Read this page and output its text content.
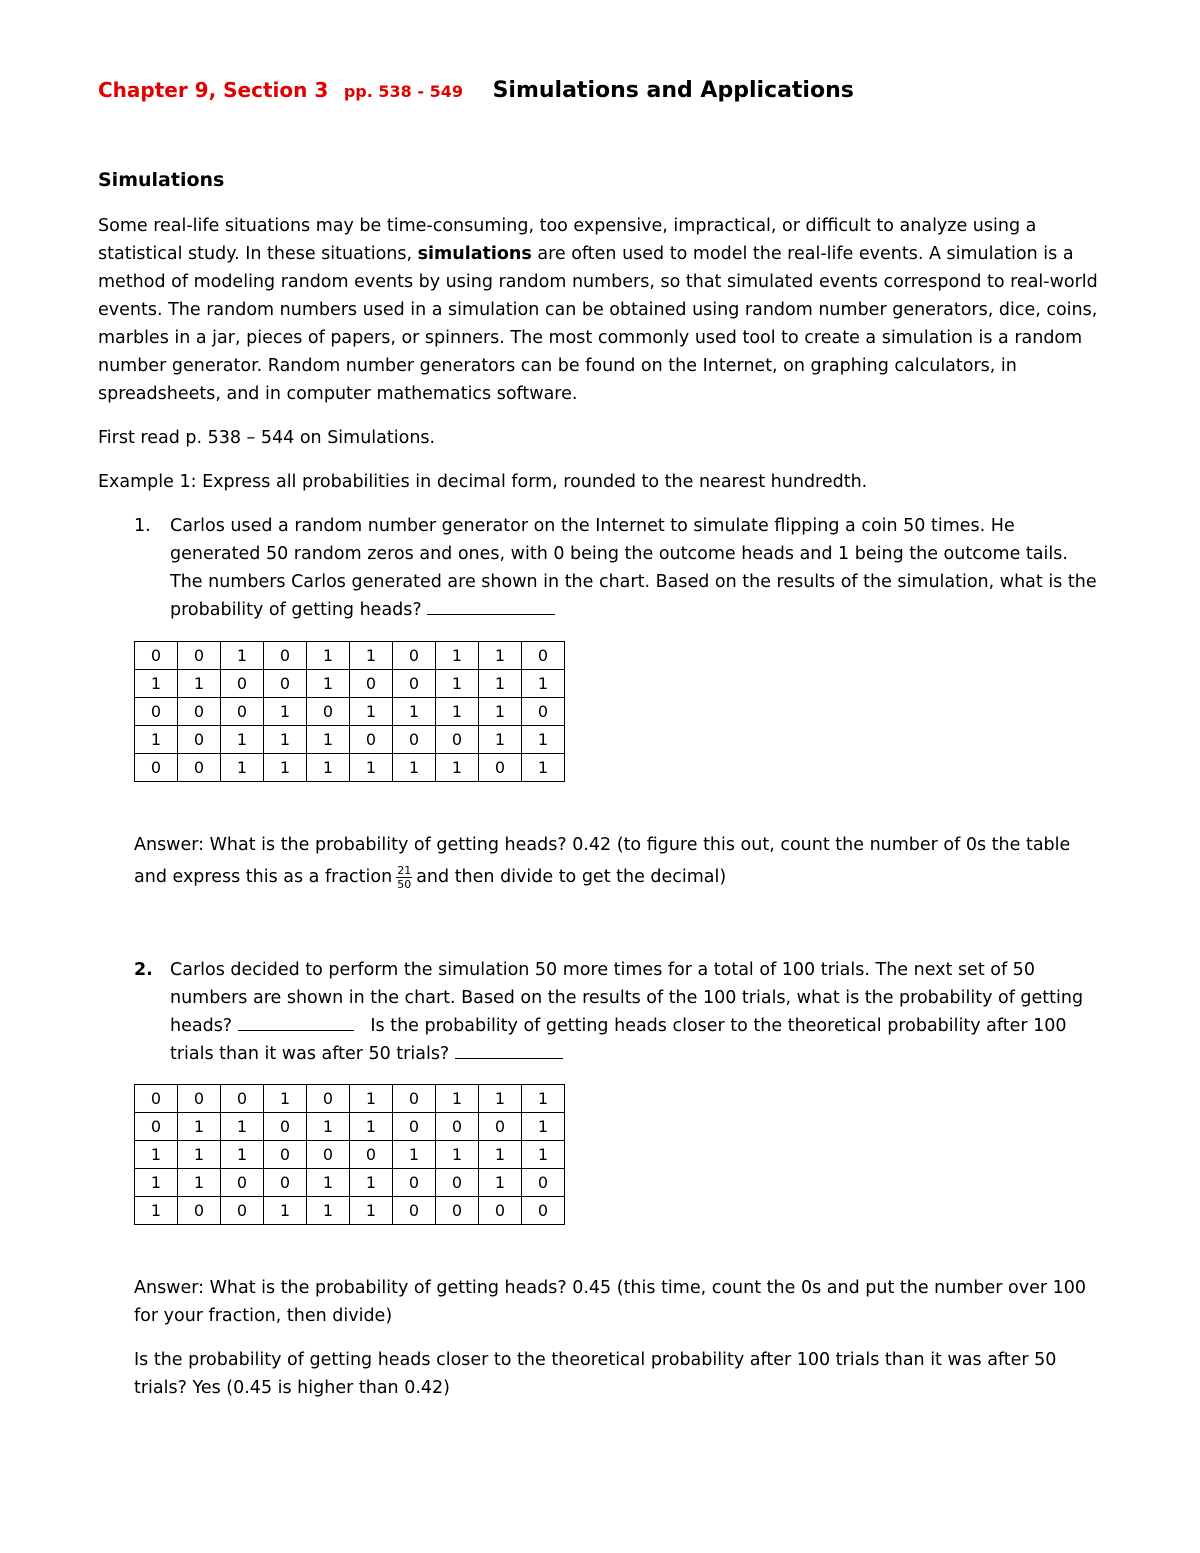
Chapter 9, Section 3 pp. 538 - 549 Simulations and Applications
Simulations
Some real-life situations may be time-consuming, too expensive, impractical, or difficult to analyze using a
statistical study. In these situations, simulations are often used to model the real-life events. A simulation is a
method of modeling random events by using random numbers, so that simulated events correspond to real-world
events. The random numbers used in a simulation can be obtained using random number generators, dice, coins,
marbles in a jar, pieces of papers, or spinners. The most commonly used tool to create a simulation is a random
number generator. Random number generators can be found on the Internet, on graphing calculators, in
spreadsheets, and in computer mathematics software.
First read p. 538 – 544 on Simulations.
Example 1: Express all probabilities in decimal form, rounded to the nearest hundredth.
1. Carlos used a random number generator on the Internet to simulate flipping a coin 50 times. He
generated 50 random zeros and ones, with 0 being the outcome heads and 1 being the outcome tails.
The numbers Carlos generated are shown in the chart. Based on the results of the simulation, what is the
probability of getting heads?
0	0	1	0	1	1	0	1	1	0
1	1	0	0	1	0	0	1	1	1
0	0	0	1	0	1	1	1	1	0
1	0	1	1	1	0	0	0	1	1
0	0	1	1	1	1	1	1	0	1
Answer: What is the probability of getting heads? 0.42 (to figure this out, count the number of 0s the table
and express this as a fraction $\frac{21}{50}$ and then divide to get the decimal)
2. Carlos decided to perform the simulation 50 more times for a total of 100 trials. The next set of 50
numbers are shown in the chart. Based on the results of the 100 trials, what is the probability of getting
heads?	Is the probability of getting heads closer to the theoretical probability after 100
trials than it was after 50 trials?
0	0	0	1	0	1	0	1	1	1
0	1	1	0	1	1	0	0	0	1
1	1	1	0	0	0	1	1	1	1
1	1	0	0	1	1	0	0	1	0
1	0	0	1	1	1	0	0	0	0
Answer: What is the probability of getting heads? 0.45 (this time, count the 0s and put the number over 100
for your fraction, then divide)
Is the probability of getting heads closer to the theoretical probability after 100 trials than it was after 50
trials? Yes (0.45 is higher than 0.42)
